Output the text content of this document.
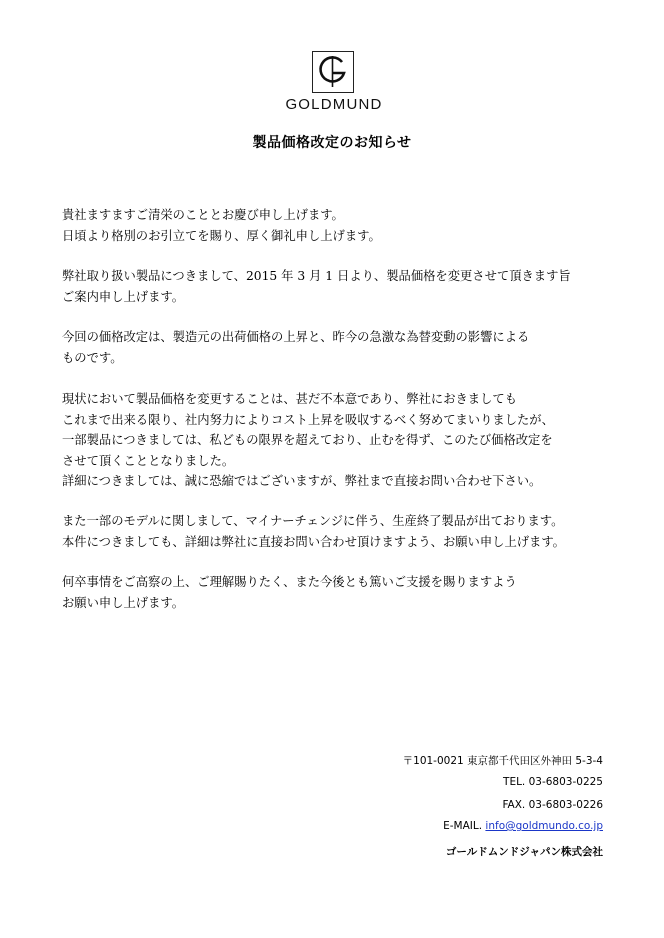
GOLDMUND
製品価格改定のお知らせ

貴社ますますご清栄のこととお慶び申し上げます。
日頃より格別のお引立てを賜り、厚く御礼申し上げます。

弊社取り扱い製品につきまして、2015 年 3 月 1 日より、製品価格を変更させて頂きます旨
ご案内申し上げます。

今回の価格改定は、製造元の出荷価格の上昇と、昨今の急激な為替変動の影響による
ものです。

現状において製品価格を変更することは、甚だ不本意であり、弊社におきましても
これまで出来る限り、社内努力によりコスト上昇を吸収するべく努めてまいりましたが、
一部製品につきましては、私どもの限界を超えており、止むを得ず、このたび価格改定を
させて頂くこととなりました。
詳細につきましては、誠に恐縮ではございますが、弊社まで直接お問い合わせ下さい。

また一部のモデルに関しまして、マイナーチェンジに伴う、生産終了製品が出ております。
本件につきましても、詳細は弊社に直接お問い合わせ頂けますよう、お願い申し上げます。

何卒事情をご高察の上、ご理解賜りたく、また今後とも篤いご支援を賜りますよう
お願い申し上げます。

〒101-0021 東京都千代田区外神田 5-3-4
TEL. 03-6803-0225
FAX. 03-6803-0226
E-MAIL. info@goldmundo.co.jp
ゴールドムンドジャパン株式会社
